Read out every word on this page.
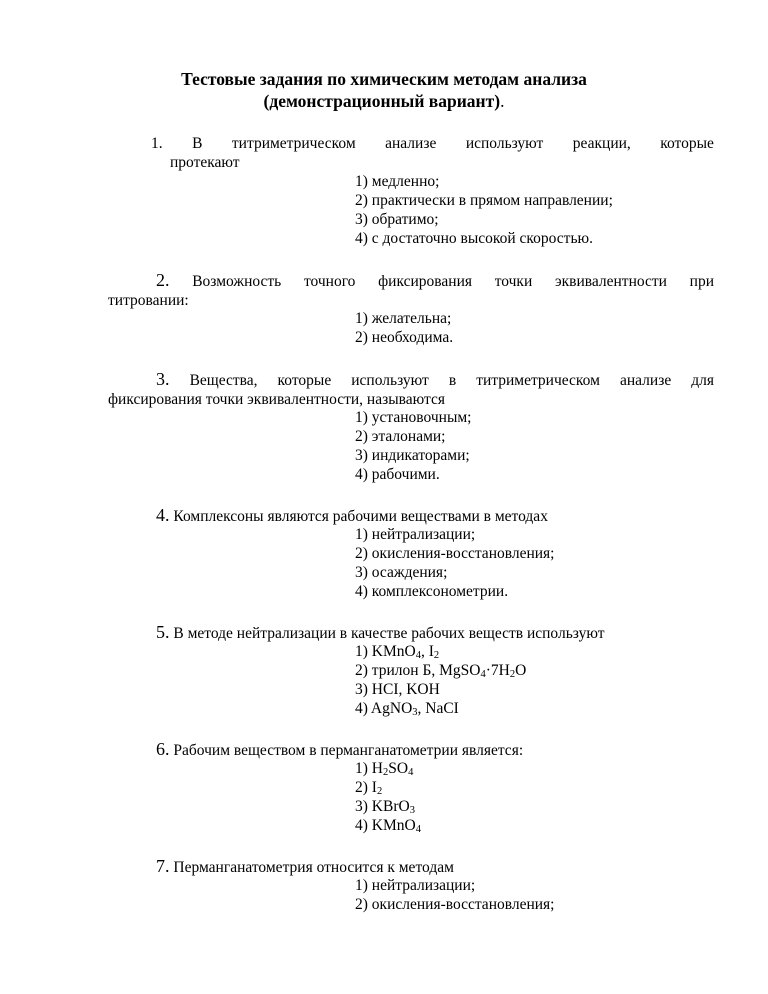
Тестовые задания по химическим методам анализа
(демонстрационный вариант).
1. В титриметрическом анализе используют реакции, которые
протекают
1) медленно;
2) практически в прямом направлении;
3) обратимо;
4) с достаточно высокой скоростью.
2. Возможность точного фиксирования точки эквивалентности при
титровании:
1) желательна;
2) необходима.
3. Вещества, которые используют в титриметрическом анализе для
фиксирования точки эквивалентности, называются
1) установочным;
2) эталонами;
3) индикаторами;
4) рабочими.
4. Комплексоны являются рабочими веществами в методах
1) нейтрализации;
2) окисления-восстановления;
3) осаждения;
4) комплексонометрии.
5. В методе нейтрализации в качестве рабочих веществ используют
1) KMnO$_4$, $I_2$
2) трилон Б, $MgSO_4\cdot 7H_2O$
3) HCI, KOH
4) AgNO$_3$, NaCI
6. Рабочим веществом в перманганатометрии является:
1) $H_2SO_4$
2) $I_2$
3) KBrO$_3$
4) KMnO$_4$
7. Перманганатометрия относится к методам
1) нейтрализации;
2) окисления-восстановления;
